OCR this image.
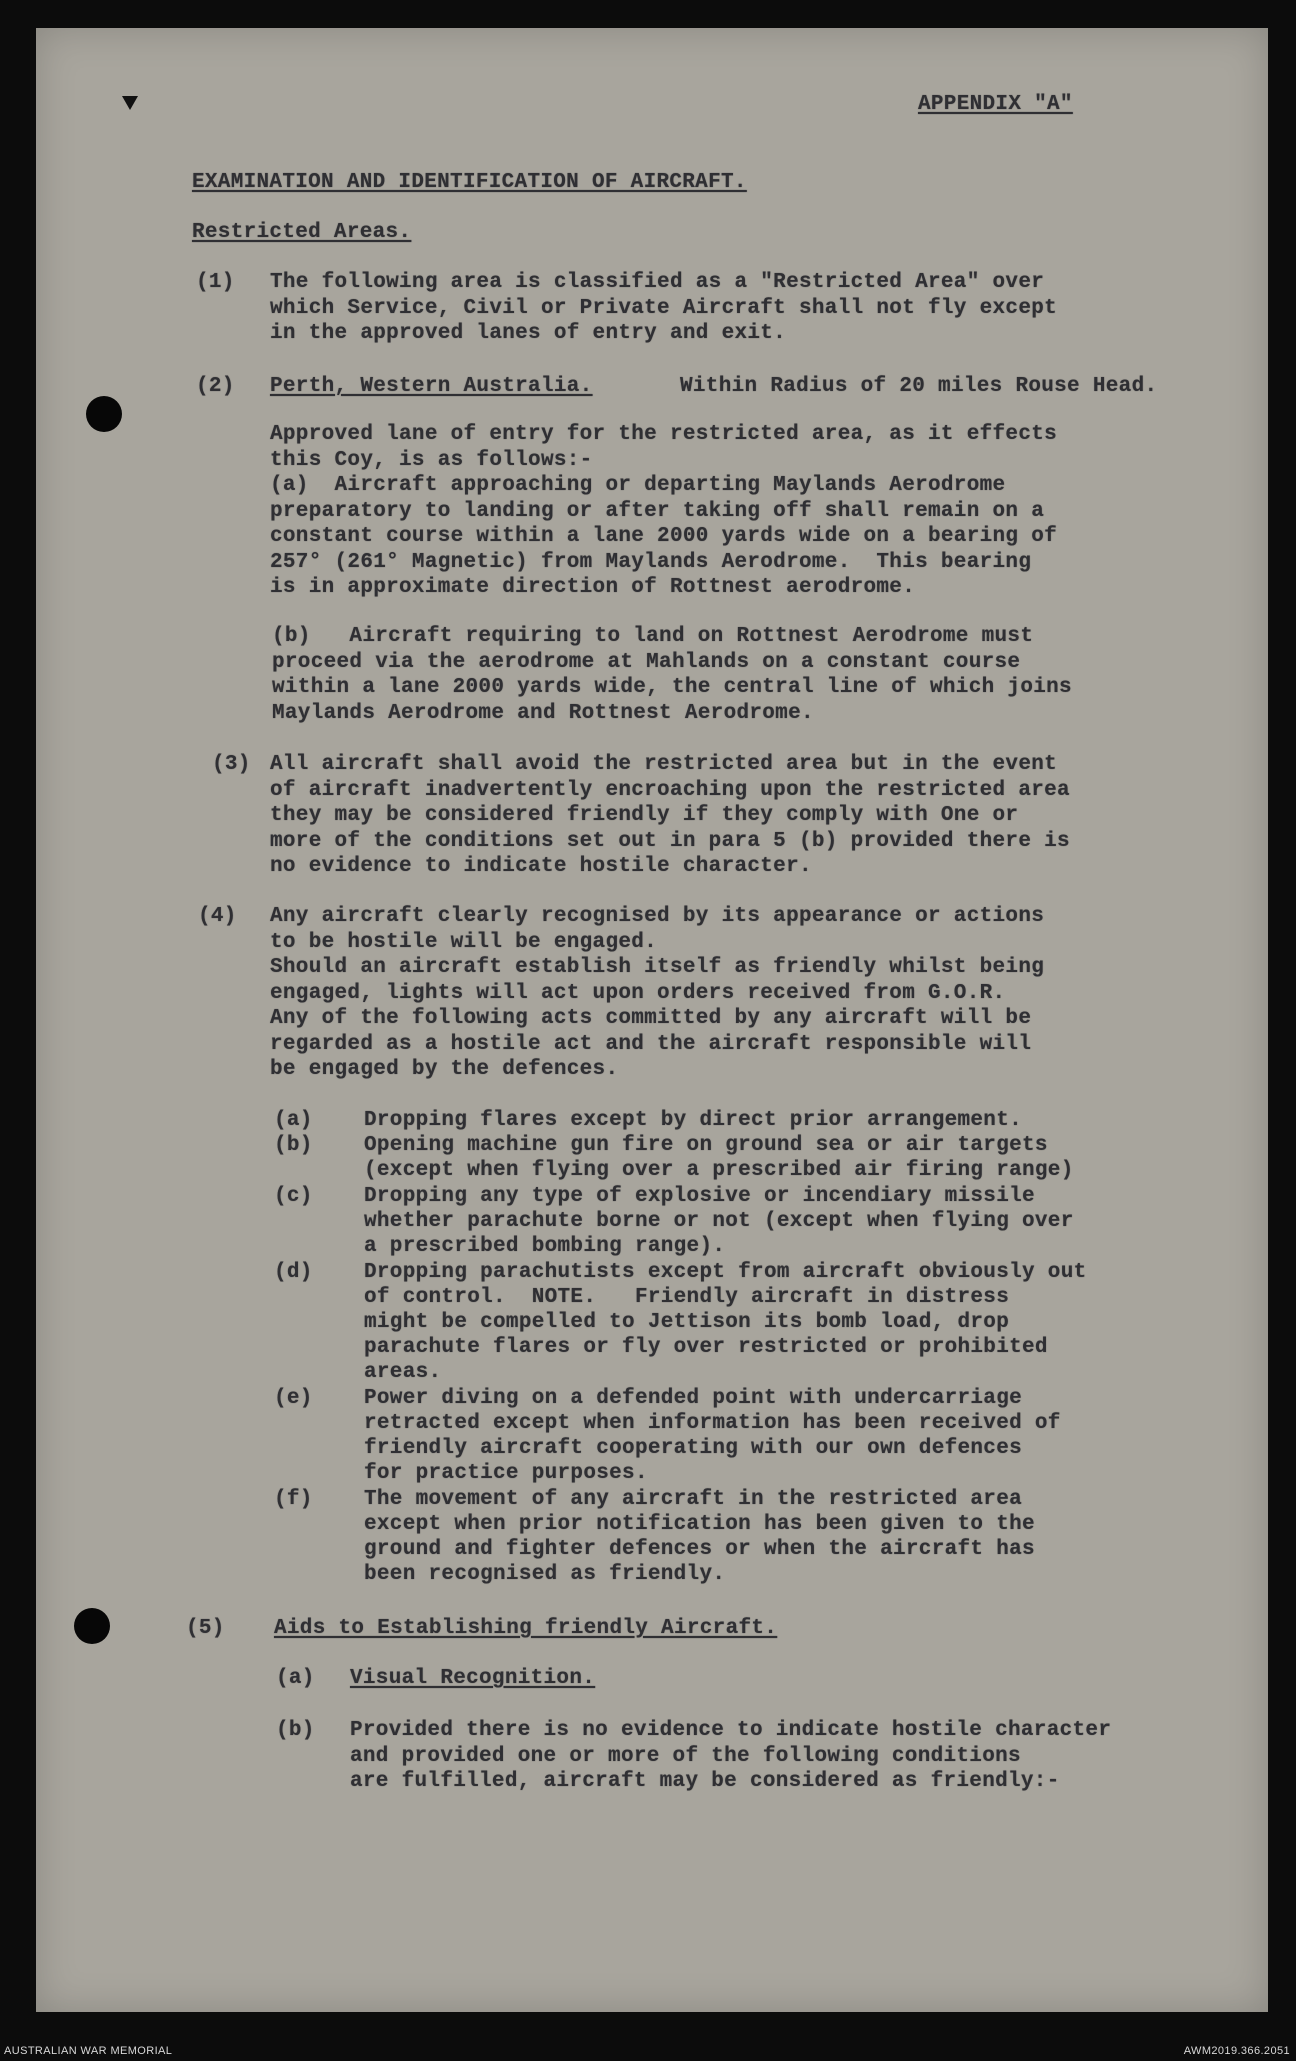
APPENDIX "A"
EXAMINATION AND IDENTIFICATION OF AIRCRAFT.
Restricted Areas.
(1) The following area is classified as a "Restricted Area" over
which Service, Civil or Private Aircraft shall not fly except
in the approved lanes of entry and exit.
(2) Perth, Western Australia.	Within Radius of 20 miles Rouse Head.
Approved lane of entry for the restricted area, as it effects
this Coy, is as follows:-
(a)  Aircraft approaching or departing Maylands Aerodrome
preparatory to landing or after taking off shall remain on a
constant course within a lane 2000 yards wide on a bearing of
257° (261° Magnetic) from Maylands Aerodrome.  This bearing
is in approximate direction of Rottnest aerodrome.
(b)   Aircraft requiring to land on Rottnest Aerodrome must
proceed via the aerodrome at Mahlands on a constant course
within a lane 2000 yards wide, the central line of which joins
Maylands Aerodrome and Rottnest Aerodrome.
(3) All aircraft shall avoid the restricted area but in the event
of aircraft inadvertently encroaching upon the restricted area
they may be considered friendly if they comply with One or
more of the conditions set out in para 5 (b) provided there is
no evidence to indicate hostile character.
(4) Any aircraft clearly recognised by its appearance or actions
to be hostile will be engaged.
Should an aircraft establish itself as friendly whilst being
engaged, lights will act upon orders received from G.O.R.
Any of the following acts committed by any aircraft will be
regarded as a hostile act and the aircraft responsible will
be engaged by the defences.
(a) Dropping flares except by direct prior arrangement.
(b) Opening machine gun fire on ground sea or air targets
(except when flying over a prescribed air firing range)
(c) Dropping any type of explosive or incendiary missile
whether parachute borne or not (except when flying over
a prescribed bombing range).
(d) Dropping parachutists except from aircraft obviously out
of control.  NOTE.   Friendly aircraft in distress
might be compelled to Jettison its bomb load, drop
parachute flares or fly over restricted or prohibited
areas.
(e) Power diving on a defended point with undercarriage
retracted except when information has been received of
friendly aircraft cooperating with our own defences
for practice purposes.
(f) The movement of any aircraft in the restricted area
except when prior notification has been given to the
ground and fighter defences or when the aircraft has
been recognised as friendly.
(5) Aids to Establishing friendly Aircraft.
(a) Visual Recognition.
(b) Provided there is no evidence to indicate hostile character
and provided one or more of the following conditions
are fulfilled, aircraft may be considered as friendly:-
AUSTRALIAN WAR MEMORIAL	AWM2019.366.2051
